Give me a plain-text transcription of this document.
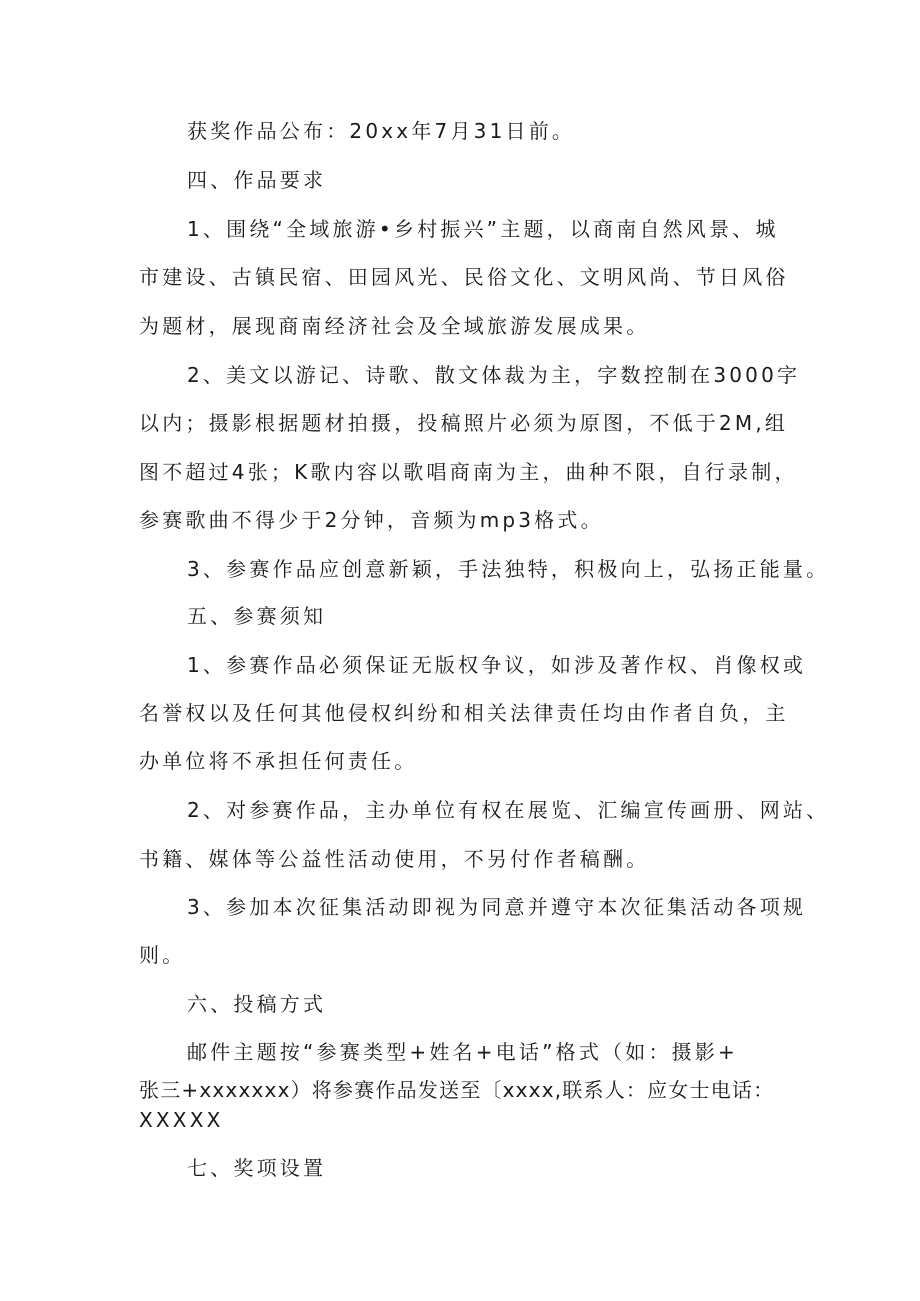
获奖作品公布：20xx年7月31日前。
四、作品要求
1、围绕“全域旅游•乡村振兴”主题，以商南自然风景、城
市建设、古镇民宿、田园风光、民俗文化、文明风尚、节日风俗
为题材，展现商南经济社会及全域旅游发展成果。
2、美文以游记、诗歌、散文体裁为主，字数控制在3000字
以内；摄影根据题材拍摄，投稿照片必须为原图，不低于2M,组
图不超过4张；K歌内容以歌唱商南为主，曲种不限，自行录制，
参赛歌曲不得少于2分钟，音频为mp3格式。
3、参赛作品应创意新颖，手法独特，积极向上，弘扬正能量。
五、参赛须知
1、参赛作品必须保证无版权争议，如涉及著作权、肖像权或
名誉权以及任何其他侵权纠纷和相关法律责任均由作者自负，主
办单位将不承担任何责任。
2、对参赛作品，主办单位有权在展览、汇编宣传画册、网站、
书籍、媒体等公益性活动使用，不另付作者稿酬。
3、参加本次征集活动即视为同意并遵守本次征集活动各项规
则。
六、投稿方式
邮件主题按“参赛类型+姓名+电话”格式（如：摄影+
张三+xxxxxxx）将参赛作品发送至〔xxxx,联系人：应女士电话：
XXXXX
七、奖项设置
